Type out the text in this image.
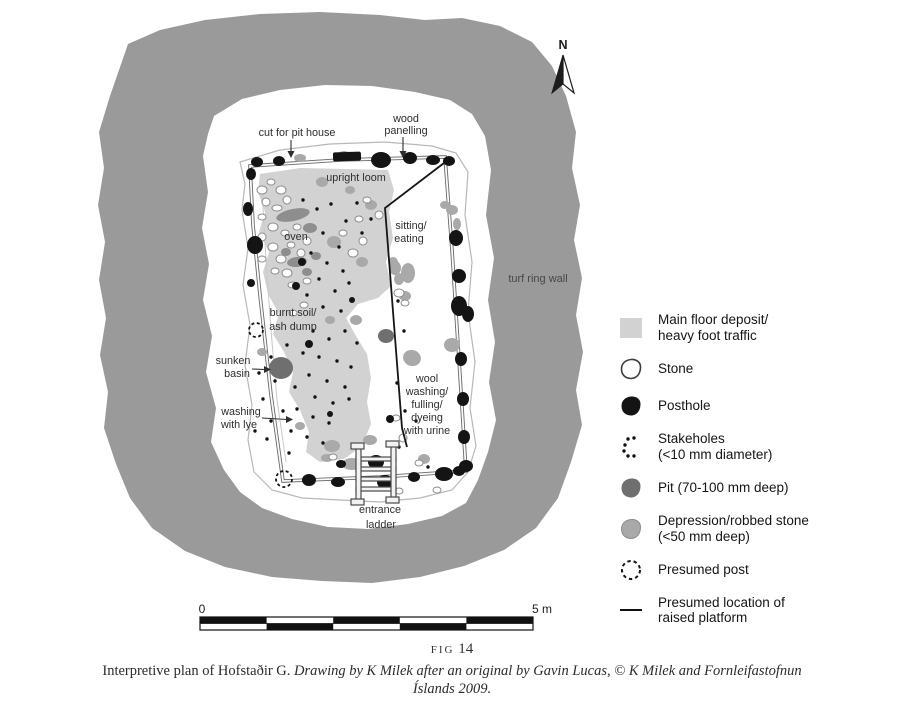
N
cut for pit house
wood
panelling
upright loom
oven
sitting/
eating
turf ring wall
burnt soil/
ash dump
sunken
basin
washing
with lye
wool
washing/
fulling/
dyeing
with urine
entrance
ladder
0	5 m
Main floor deposit/
heavy foot traffic
Stone
Posthole
Stakeholes
(<10 mm diameter)
Pit (70-100 mm deep)
Depression/robbed stone
(<50 mm deep)
Presumed post
Presumed location of
raised platform
FIG 14
Interpretive plan of Hofstaðir G. Drawing by K Milek after an original by Gavin Lucas, © K Milek and Fornleifastofnun Íslands 2009.
